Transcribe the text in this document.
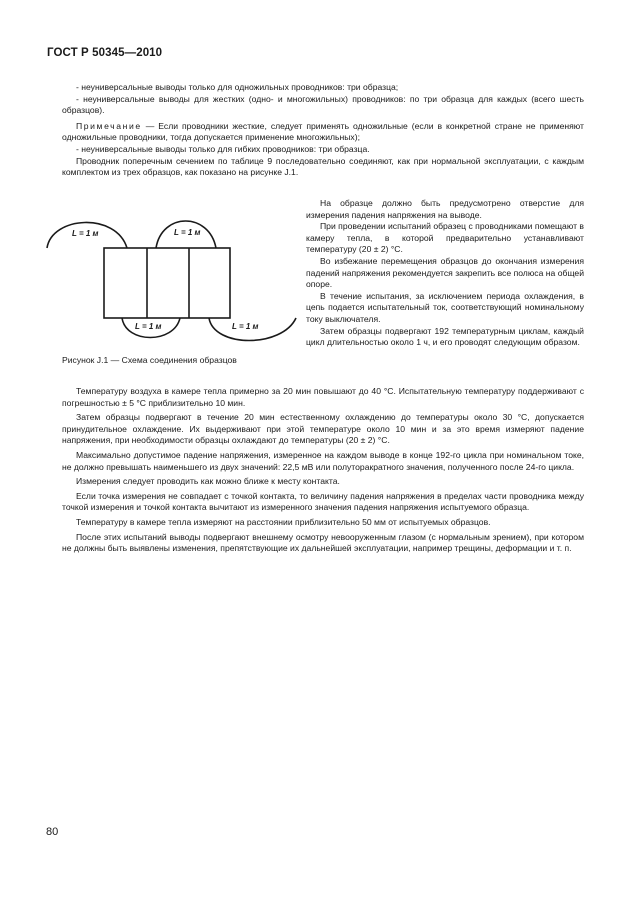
ГОСТ Р 50345—2010

- неуниверсальные выводы только для одножильных проводников: три образца;

- неуниверсальные выводы для жестких (одно- и многожильных) проводников: по три образца для каждых (всего шесть образцов).

Примечание — Если проводники жесткие, следует применять одножильные (если в конкретной стране не применяют одножильные проводники, тогда допускается применение многожильных);

- неуниверсальные выводы только для гибких проводников: три образца.

Проводник поперечным сечением по таблице 9 последовательно соединяют, как при нормальной эксплуатации, с каждым комплектом из трех образцов, как показано на рисунке J.1.

L = 1 м	L = 1 м
L = 1 м	L = 1 м
Рисунок J.1 — Схема соединения образцов

На образце должно быть предусмотрено отверстие для измерения падения напряжения на выводе.

При проведении испытаний образец с проводниками помещают в камеру тепла, в которой предварительно устанавливают температуру (20 ± 2) °С.

Во избежание перемещения образцов до окончания измерения падений напряжения рекомендуется закрепить все полюса на общей опоре.

В течение испытания, за исключением периода охлаждения, в цепь подается испытательный ток, соответствующий номинальному току выключателя.

Затем образцы подвергают 192 температурным циклам, каждый цикл длительностью около 1 ч, и его проводят следующим образом.

Температуру воздуха в камере тепла примерно за 20 мин повышают до 40 °С. Испытательную температуру поддерживают с погрешностью ± 5 °С приблизительно 10 мин.

Затем образцы подвергают в течение 20 мин естественному охлаждению до температуры около 30 °С, допускается принудительное охлаждение. Их выдерживают при этой температуре около 10 мин и за это время измеряют падение напряжения, при необходимости образцы охлаждают до температуры (20 ± 2) °С.

Максимально допустимое падение напряжения, измеренное на каждом выводе в конце 192-го цикла при номинальном токе, не должно превышать наименьшего из двух значений: 22,5 мВ или полуторакратного значения, полученного после 24-го цикла.

Измерения следует проводить как можно ближе к месту контакта.

Если точка измерения не совпадает с точкой контакта, то величину падения напряжения в пределах части проводника между точкой измерения и точкой контакта вычитают из измеренного значения падения напряжения испытуемого образца.

Температуру в камере тепла измеряют на расстоянии приблизительно 50 мм от испытуемых образцов.

После этих испытаний выводы подвергают внешнему осмотру невооруженным глазом (с нормальным зрением), при котором не должны быть выявлены изменения, препятствующие их дальнейшей эксплуатации, например трещины, деформации и т. п.

80
